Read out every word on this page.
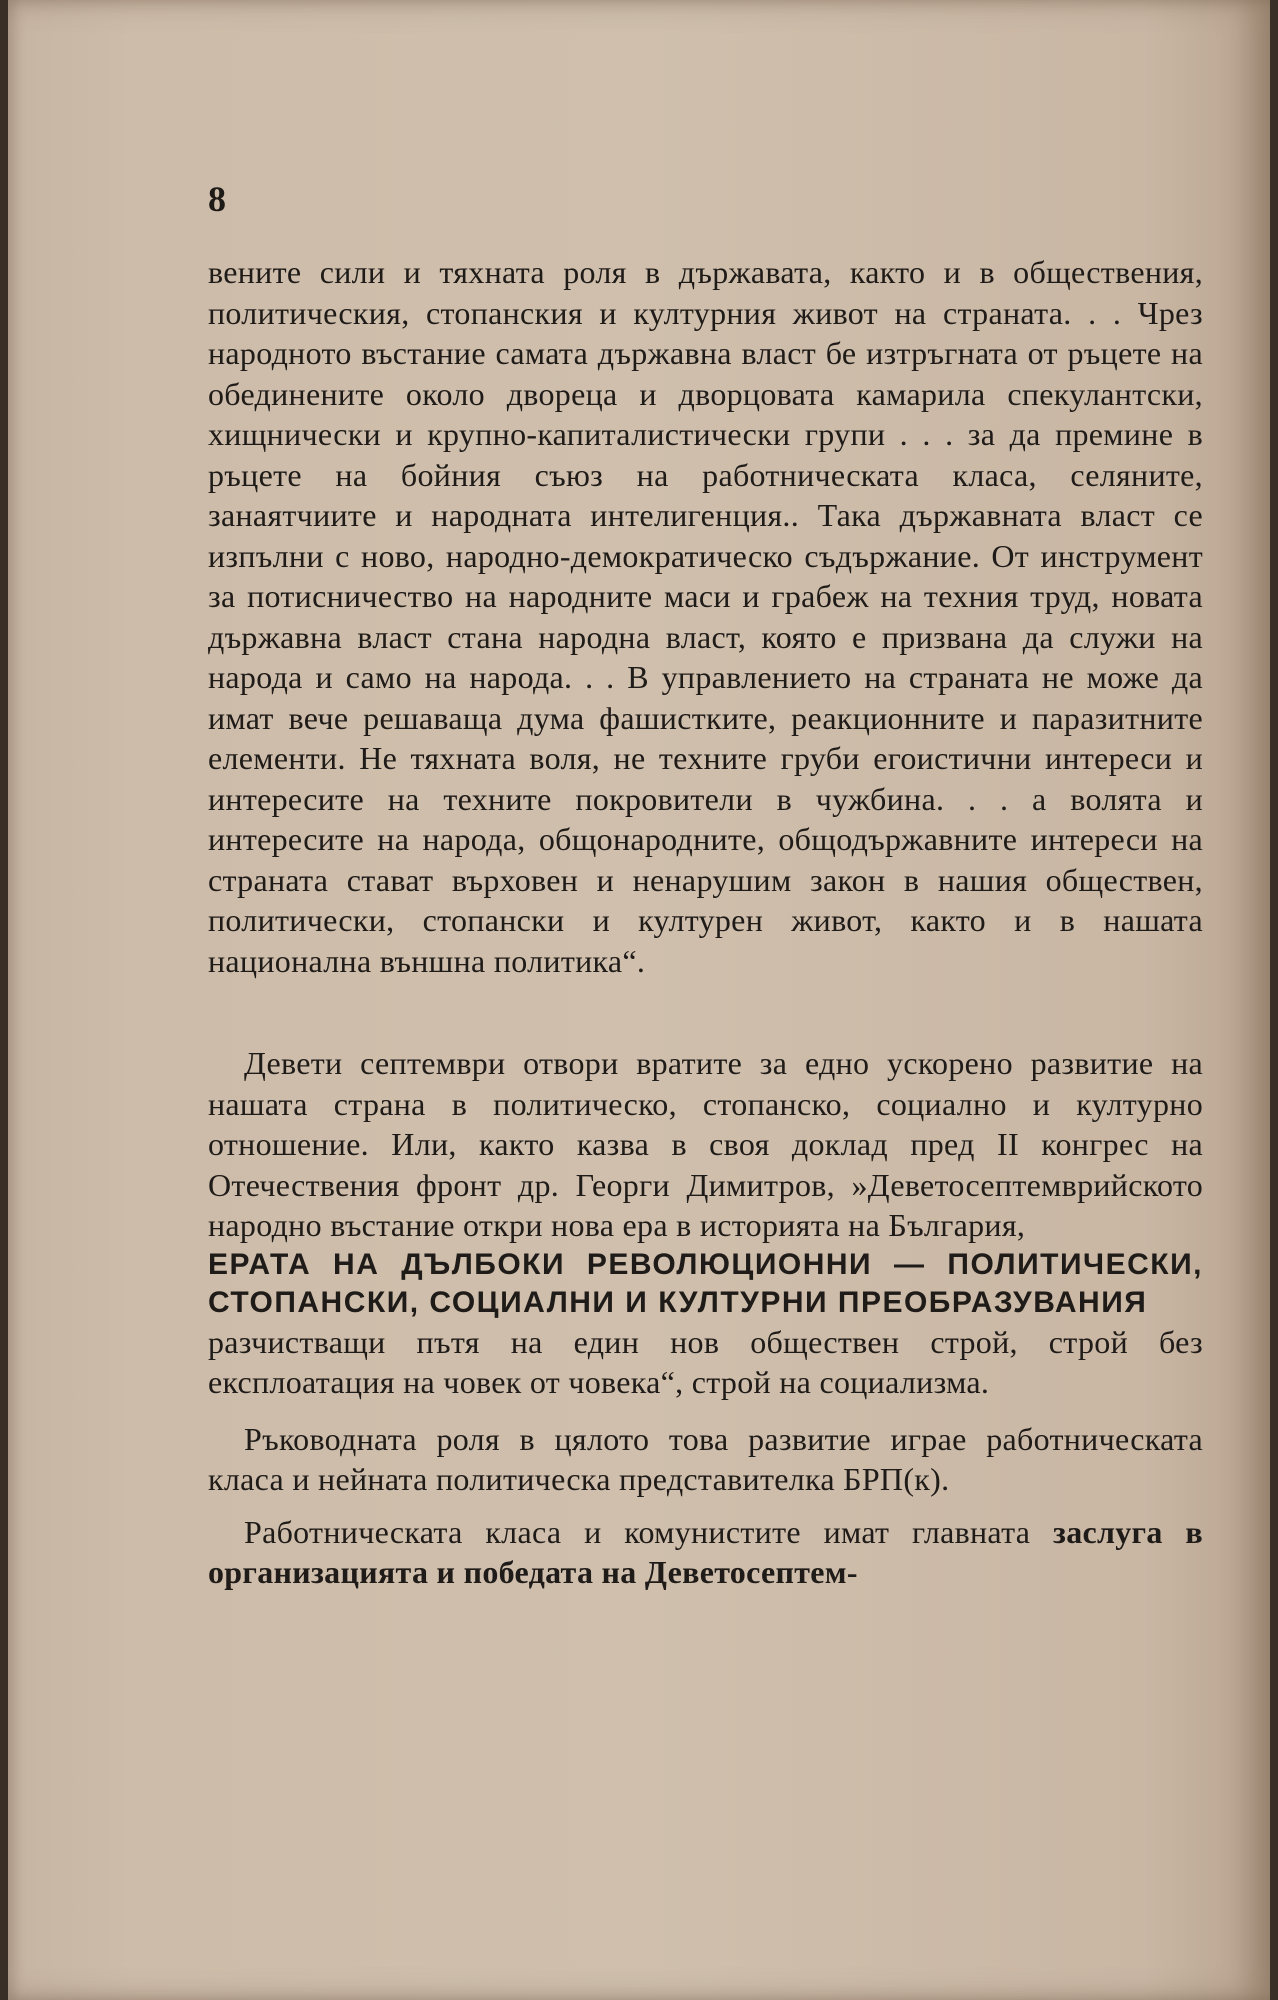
8

вените сили и тяхната роля в държавата, както и в обществения, политическия, стопанския и културния живот на страната. . . Чрез народното въстание самата държавна власт бе изтръгната от ръцете на обединените около двореца и дворцовата камарила спекулантски, хищнически и крупно-капиталистически групи . . . за да премине в ръцете на бойния съюз на работническата класа, селяните, занаятчиите и народната интелигенция.. Така държавната власт се изпълни с ново, народно-демократическо съдържание. От инструмент за потисничество на народните маси и грабеж на техния труд, новата държавна власт стана народна власт, която е призвана да служи на народа и само на народа. . . В управлението на страната не може да имат вече решаваща дума фашистките, реакционните и паразитните елементи. Не тяхната воля, не техните груби егоистични интереси и интересите на техните покровители в чужбина. . . а волята и интересите на народа, общонародните, общодържавните интереси на страната стават върховен и ненарушим закон в нашия обществен, политически, стопански и културен живот, както и в нашата национална външна политика“.

Девети септември отвори вратите за едно ускорено развитие на нашата страна в политическо, стопанско, социално и културно отношение. Или, както казва в своя доклад пред II конгрес на Отечествения фронт др. Георги Димитров, »Деветосептемврийското народно въстание откри нова ера в историята на България,

ЕРАТА НА ДЪЛБОКИ РЕВОЛЮЦИОННИ — ПОЛИТИЧЕСКИ, СТОПАНСКИ, СОЦИАЛНИ И КУЛТУРНИ ПРЕОБРАЗУВАНИЯ

разчистващи пътя на един нов обществен строй, строй без експлоатация на човек от човека“, строй на социализма.

Ръководната роля в цялото това развитие играе работническата класа и нейната политическа представителка БРП(к).

Работническата класа и комунистите имат главната заслуга в организацията и победата на Деветосептем-
